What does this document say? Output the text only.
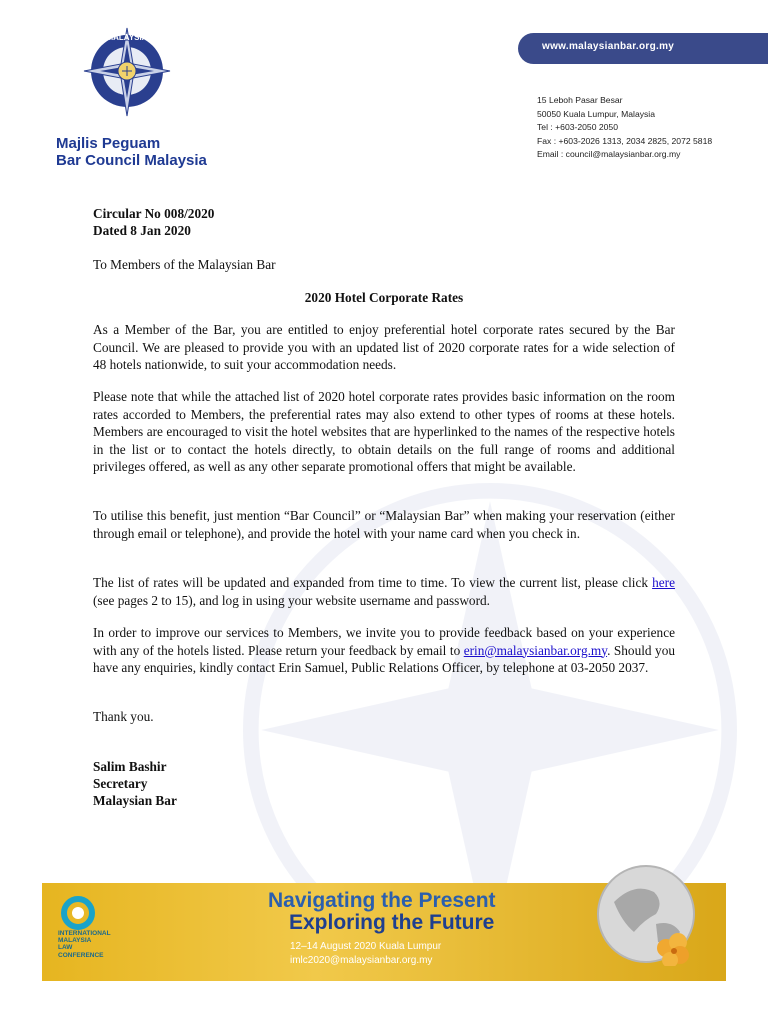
MALAYSIA
Majlis Peguam
Bar Council Malaysia
www.malaysianbar.org.my
15 Leboh Pasar Besar
50050 Kuala Lumpur, Malaysia
Tel : +603-2050 2050
Fax : +603-2026 1313, 2034 2825, 2072 5818
Email : council@malaysianbar.org.my
Circular No 008/2020
Dated 8 Jan 2020
To Members of the Malaysian Bar
2020 Hotel Corporate Rates
As a Member of the Bar, you are entitled to enjoy preferential hotel corporate rates secured by the Bar Council. We are pleased to provide you with an updated list of 2020 corporate rates for a wide selection of 48 hotels nationwide, to suit your accommodation needs.
Please note that while the attached list of 2020 hotel corporate rates provides basic information on the room rates accorded to Members, the preferential rates may also extend to other types of rooms at these hotels. Members are encouraged to visit the hotel websites that are hyperlinked to the names of the respective hotels in the list or to contact the hotels directly, to obtain details on the full range of rooms and additional privileges offered, as well as any other separate promotional offers that might be available.
To utilise this benefit, just mention “Bar Council” or “Malaysian Bar” when making your reservation (either through email or telephone), and provide the hotel with your name card when you check in.
The list of rates will be updated and expanded from time to time. To view the current list, please click here (see pages 2 to 15), and log in using your website username and password.
In order to improve our services to Members, we invite you to provide feedback based on your experience with any of the hotels listed. Please return your feedback by email to erin@malaysianbar.org.my. Should you have any enquiries, kindly contact Erin Samuel, Public Relations Officer, by telephone at 03-2050 2037.
Thank you.
Salim Bashir
Secretary
Malaysian Bar
INTERNATIONAL
MALAYSIA
LAW
CONFERENCE
Navigating the Present
Exploring the Future
12–14 August 2020 Kuala Lumpur
imlc2020@malaysianbar.org.my
